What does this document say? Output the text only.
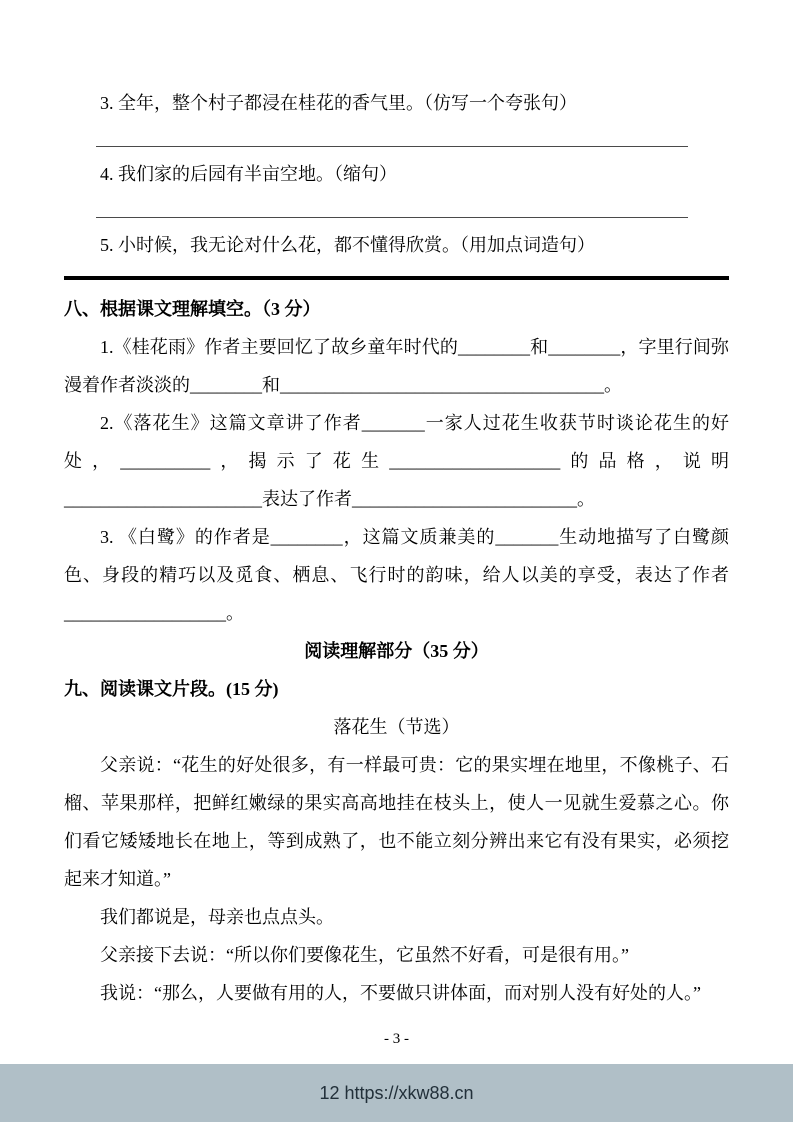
3. 全年，整个村子都浸在桂花的香气里。（仿写一个夸张句）

4. 我们家的后园有半亩空地。（缩句）

5. 小时候，我无论对什么花，都不懂得欣赏。（用加点词造句）

八、根据课文理解填空。（3 分）

1.《桂花雨》作者主要回忆了故乡童年时代的________和________，字里行间弥漫着作者淡淡的________和____________________________________。

2.《落花生》这篇文章讲了作者_______一家人过花生收获节时谈论花生的好处，__________，揭示了花生___________________的品格，说明______________________表达了作者_________________________。

3. 《白鹭》的作者是________，这篇文质兼美的_______生动地描写了白鹭颜色、身段的精巧以及觅食、栖息、飞行时的韵味，给人以美的享受，表达了作者__________________。

阅读理解部分（35 分）
九、阅读课文片段。(15 分)
落花生（节选）

父亲说：“花生的好处很多，有一样最可贵：它的果实埋在地里，不像桃子、石榴、苹果那样，把鲜红嫩绿的果实高高地挂在枝头上，使人一见就生爱慕之心。你们看它矮矮地长在地上，等到成熟了，也不能立刻分辨出来它有没有果实，必须挖起来才知道。”

我们都说是，母亲也点点头。

父亲接下去说：“所以你们要像花生，它虽然不好看，可是很有用。”

我说：“那么，人要做有用的人，不要做只讲体面，而对别人没有好处的人。”

- 3 -
12 https://xkw88.cn
